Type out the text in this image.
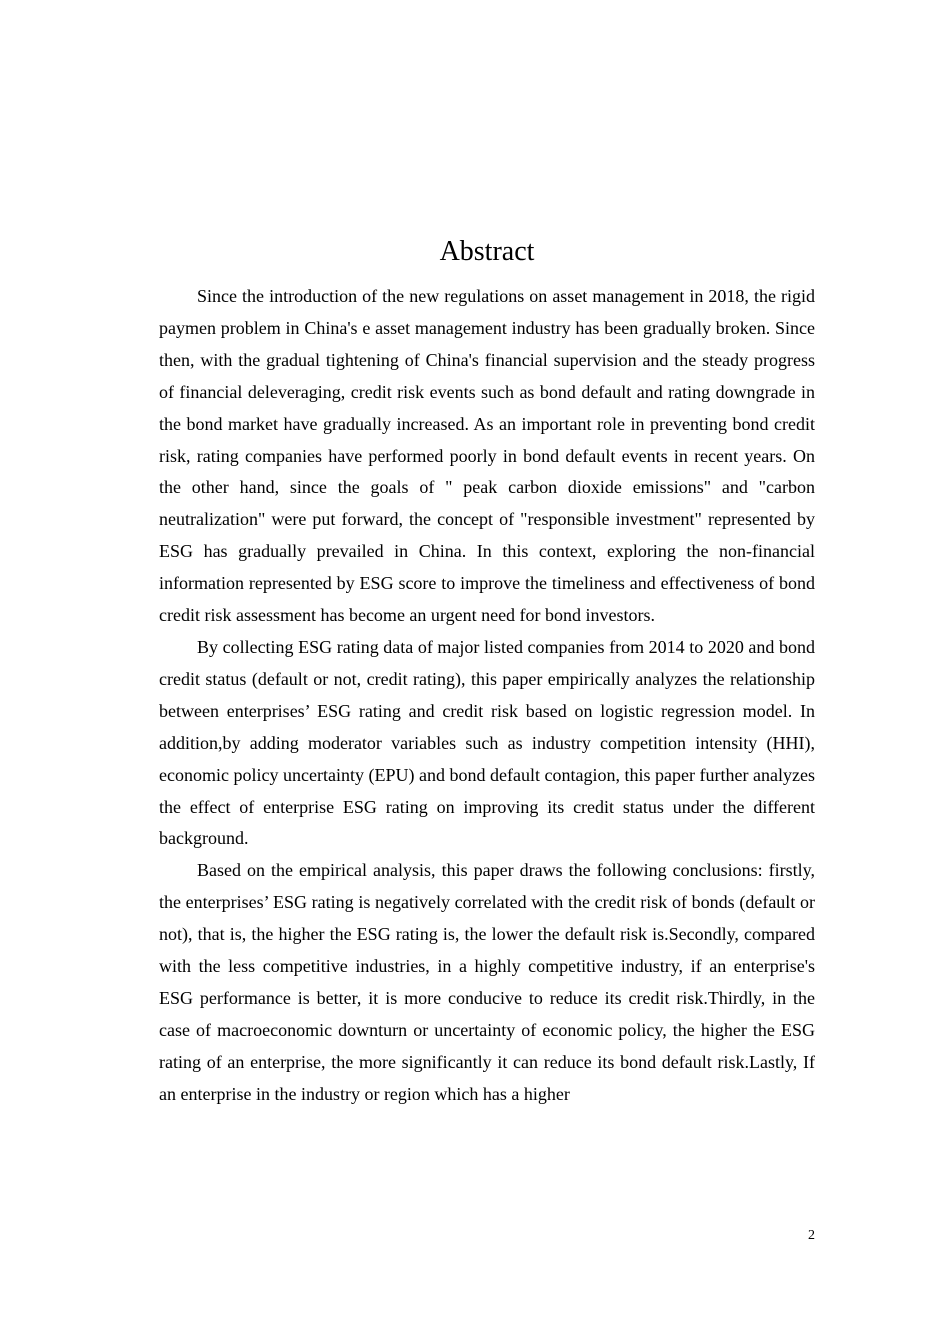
Abstract

Since the introduction of the new regulations on asset management in 2018, the rigid paymen problem in China's e asset management industry has been gradually broken. Since then, with the gradual tightening of China's financial supervision and the steady progress of financial deleveraging, credit risk events such as bond default and rating downgrade in the bond market have gradually increased. As an important role in preventing bond credit risk, rating companies have performed poorly in bond default events in recent years. On the other hand, since the goals of " peak carbon dioxide emissions" and "carbon neutralization" were put forward, the concept of "responsible investment" represented by ESG has gradually prevailed in China. In this context, exploring the non-financial information represented by ESG score to improve the timeliness and effectiveness of bond credit risk assessment has become an urgent need for bond investors.

By collecting ESG rating data of major listed companies from 2014 to 2020 and bond credit status (default or not, credit rating), this paper empirically analyzes the relationship between enterprises’ ESG rating and credit risk based on logistic regression model. In addition,by adding moderator variables such as industry competition intensity (HHI), economic policy uncertainty (EPU) and bond default contagion, this paper further analyzes the effect of enterprise ESG rating on improving its credit status under the different background.

Based on the empirical analysis, this paper draws the following conclusions: firstly, the enterprises’ ESG rating is negatively correlated with the credit risk of bonds (default or not), that is, the higher the ESG rating is, the lower the default risk is.Secondly, compared with the less competitive industries, in a highly competitive industry, if an enterprise's ESG performance is better, it is more conducive to reduce its credit risk.Thirdly, in the case of macroeconomic downturn or uncertainty of economic policy, the higher the ESG rating of an enterprise, the more significantly it can reduce its bond default risk.Lastly, If an enterprise in the industry or region which has a higher

2
